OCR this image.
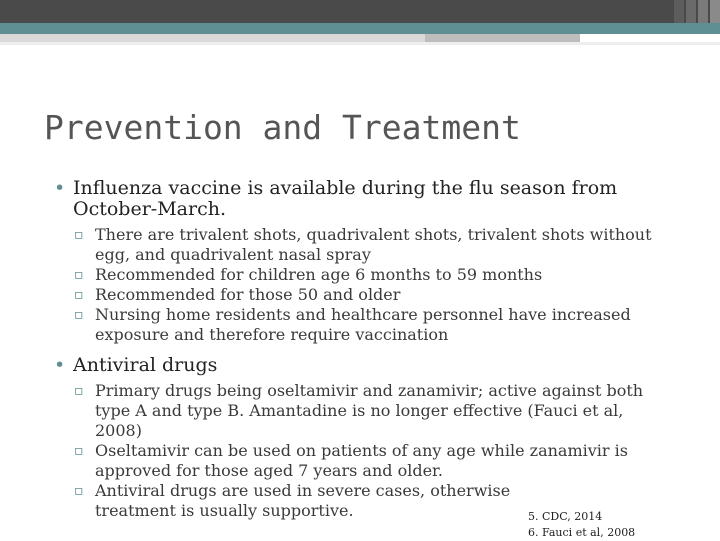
Prevention and Treatment
• Influenza vaccine is available during the flu season from October-March.
▫ There are trivalent shots, quadrivalent shots, trivalent shots without egg, and quadrivalent nasal spray
▫ Recommended for children age 6 months to 59 months
▫ Recommended for those 50 and older
▫ Nursing home residents and healthcare personnel have increased exposure and therefore require vaccination
• Antiviral drugs
▫ Primary drugs being oseltamivir and zanamivir; active against both type A and type B. Amantadine is no longer effective (Fauci et al, 2008)
▫ Oseltamivir can be used on patients of any age while zanamivir is approved for those aged 7 years and older.
▫ Antiviral drugs are used in severe cases, otherwise treatment is usually supportive.	5. CDC, 2014
6. Fauci et al, 2008
